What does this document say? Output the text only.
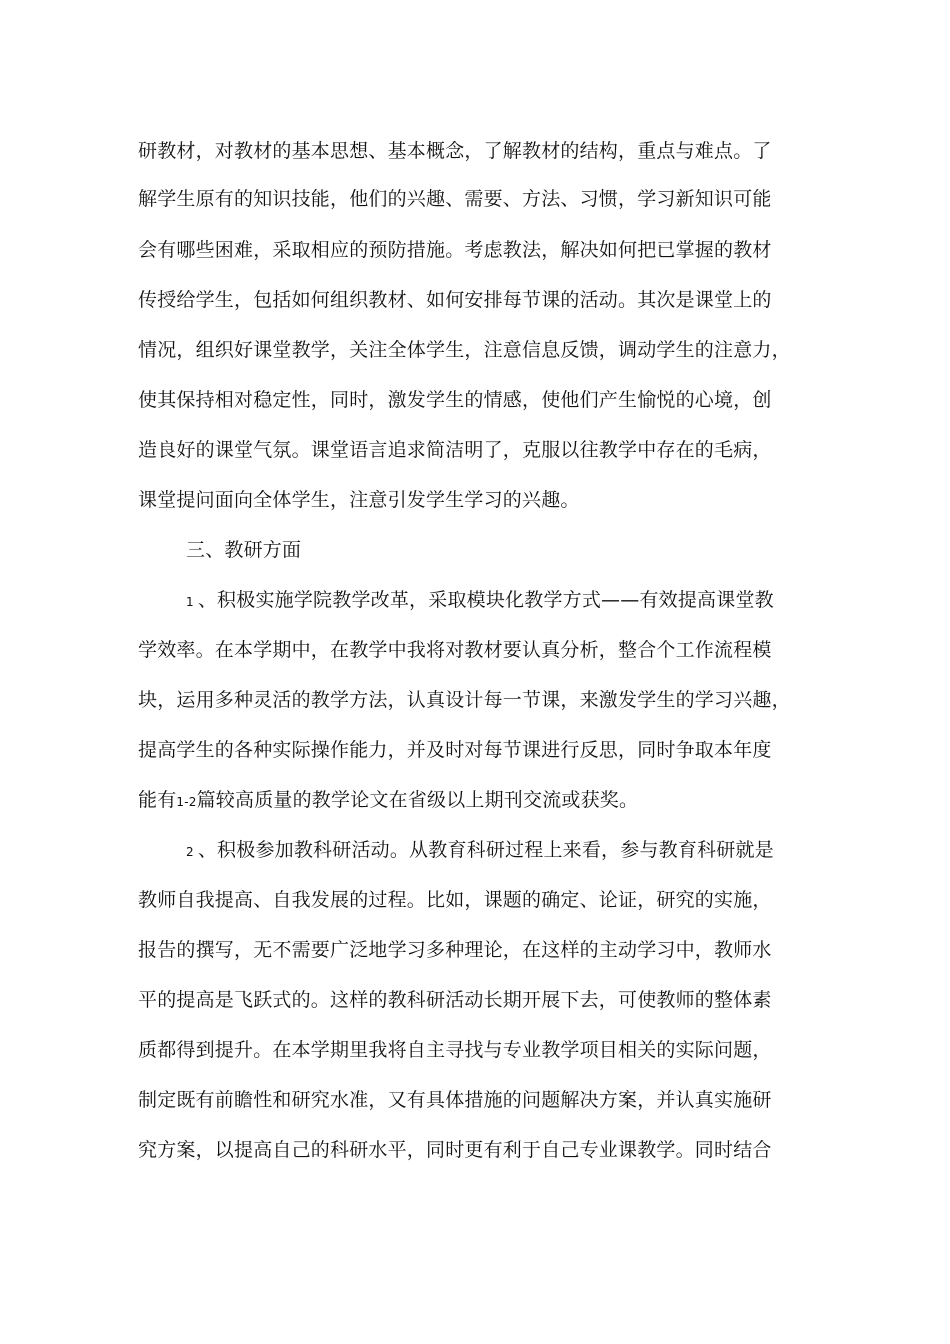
研教材，对教材的基本思想、基本概念，了解教材的结构，重点与难点。了
解学生原有的知识技能，他们的兴趣、需要、方法、习惯，学习新知识可能
会有哪些困难，采取相应的预防措施。考虑教法，解决如何把已掌握的教材
传授给学生，包括如何组织教材、如何安排每节课的活动。其次是课堂上的
情况，组织好课堂教学，关注全体学生，注意信息反馈，调动学生的注意力，
使其保持相对稳定性，同时，激发学生的情感，使他们产生愉悦的心境，创
造良好的课堂气氛。课堂语言追求简洁明了，克服以往教学中存在的毛病，
课堂提问面向全体学生，注意引发学生学习的兴趣。
三、教研方面
1 、积极实施学院教学改革，采取模块化教学方式——有效提高课堂教
学效率。在本学期中，在教学中我将对教材要认真分析，整合个工作流程模
块，运用多种灵活的教学方法，认真设计每一节课，来激发学生的学习兴趣，
提高学生的各种实际操作能力，并及时对每节课进行反思，同时争取本年度
能有1-2篇较高质量的教学论文在省级以上期刊交流或获奖。
2 、积极参加教科研活动。从教育科研过程上来看，参与教育科研就是
教师自我提高、自我发展的过程。比如，课题的确定、论证，研究的实施，
报告的撰写，无不需要广泛地学习多种理论，在这样的主动学习中，教师水
平的提高是飞跃式的。这样的教科研活动长期开展下去，可使教师的整体素
质都得到提升。在本学期里我将自主寻找与专业教学项目相关的实际问题，
制定既有前瞻性和研究水准，又有具体措施的问题解决方案，并认真实施研
究方案，以提高自己的科研水平，同时更有利于自己专业课教学。同时结合
